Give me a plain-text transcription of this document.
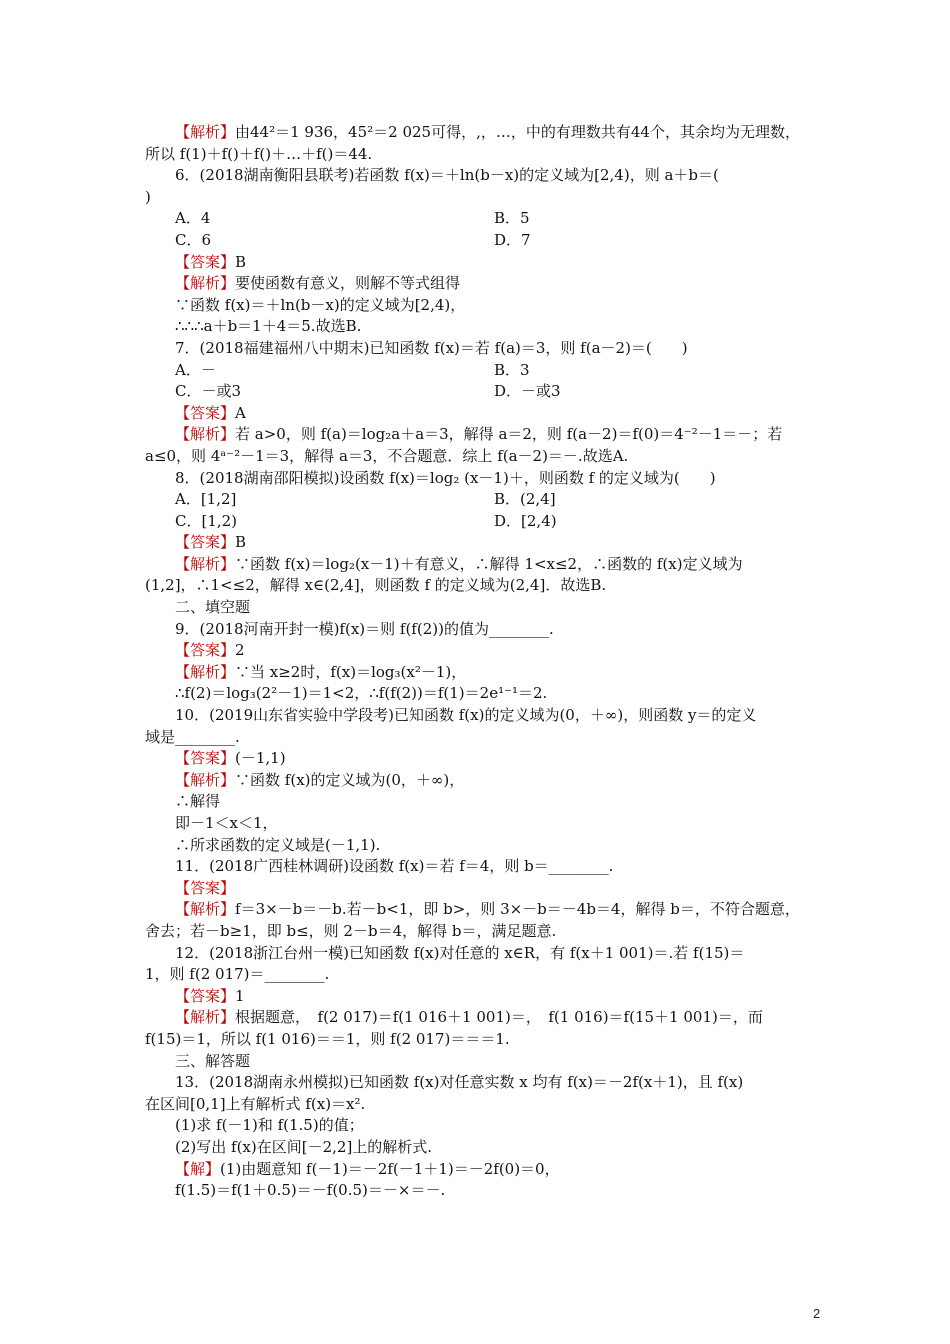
【解析】由44²＝1 936，45²＝2 025可得，,，…，中的有理数共有44个，其余均为无理数，
所以 f(1)＋f()＋f()＋…＋f()＝44.
6．(2018湖南衡阳县联考)若函数 f(x)＝＋ln(b－x)的定义域为[2,4)，则 a＋b＝(
)
A．4	B．5
C．6	D．7
【答案】B
【解析】要使函数有意义，则解不等式组得
∵函数 f(x)＝＋ln(b－x)的定义域为[2,4)，
∴∴∴a＋b＝1＋4＝5.故选B.
7．(2018福建福州八中期末)已知函数 f(x)＝若 f(a)＝3，则 f(a－2)＝(　　)
A．－	B．3
C．－或3	D．－或3
【答案】A
【解析】若 a>0，则 f(a)＝log₂a＋a＝3，解得 a＝2，则 f(a－2)＝f(0)＝4⁻²－1＝－；若
a≤0，则 4ᵃ⁻²－1＝3，解得 a＝3，不合题意．综上 f(a－2)＝－.故选A.
8．(2018湖南邵阳模拟)设函数 f(x)＝log₂ (x－1)＋，则函数 f 的定义域为(　　)
A．[1,2]	B．(2,4]
C．[1,2)	D．[2,4)
【答案】B
【解析】∵函数 f(x)＝log₂(x－1)＋有意义，∴解得 1<x≤2，∴函数的 f(x)定义域为
(1,2]，∴1<≤2，解得 x∈(2,4]，则函数 f 的定义域为(2,4]．故选B.
二、填空题
9．(2018河南开封一模)f(x)＝则 f(f(2))的值为________.
【答案】2
【解析】∵当 x≥2时，f(x)＝log₃(x²－1)，
∴f(2)＝log₃(2²－1)＝1<2，∴f(f(2))＝f(1)＝2e¹⁻¹＝2.
10．(2019山东省实验中学段考)已知函数 f(x)的定义域为(0，＋∞)，则函数 y＝的定义
域是________.
【答案】(－1,1)
【解析】∵函数 f(x)的定义域为(0，＋∞)，
∴解得
即－1＜x＜1，
∴所求函数的定义域是(－1,1).
11．(2018广西桂林调研)设函数 f(x)＝若 f＝4，则 b＝________.
【答案】
【解析】f＝3×－b＝－b.若－b<1，即 b>，则 3×－b＝－4b＝4，解得 b＝，不符合题意，
舍去；若－b≥1，即 b≤，则 2－b＝4，解得 b＝，满足题意.
12．(2018浙江台州一模)已知函数 f(x)对任意的 x∈R，有 f(x＋1 001)＝.若 f(15)＝
1，则 f(2 017)＝________.
【答案】1
【解析】根据题意，　f(2 017)＝f(1 016＋1 001)＝，　f(1 016)＝f(15＋1 001)＝，而
f(15)＝1，所以 f(1 016)＝＝1，则 f(2 017)＝＝＝1.
三、解答题
13．(2018湖南永州模拟)已知函数 f(x)对任意实数 x 均有 f(x)＝－2f(x＋1)，且 f(x)
在区间[0,1]上有解析式 f(x)＝x².
(1)求 f(－1)和 f(1.5)的值；
(2)写出 f(x)在区间[－2,2]上的解析式.
【解】(1)由题意知 f(－1)＝－2f(－1＋1)＝－2f(0)＝0，
f(1.5)＝f(1＋0.5)＝－f(0.5)＝－×＝－.
2
